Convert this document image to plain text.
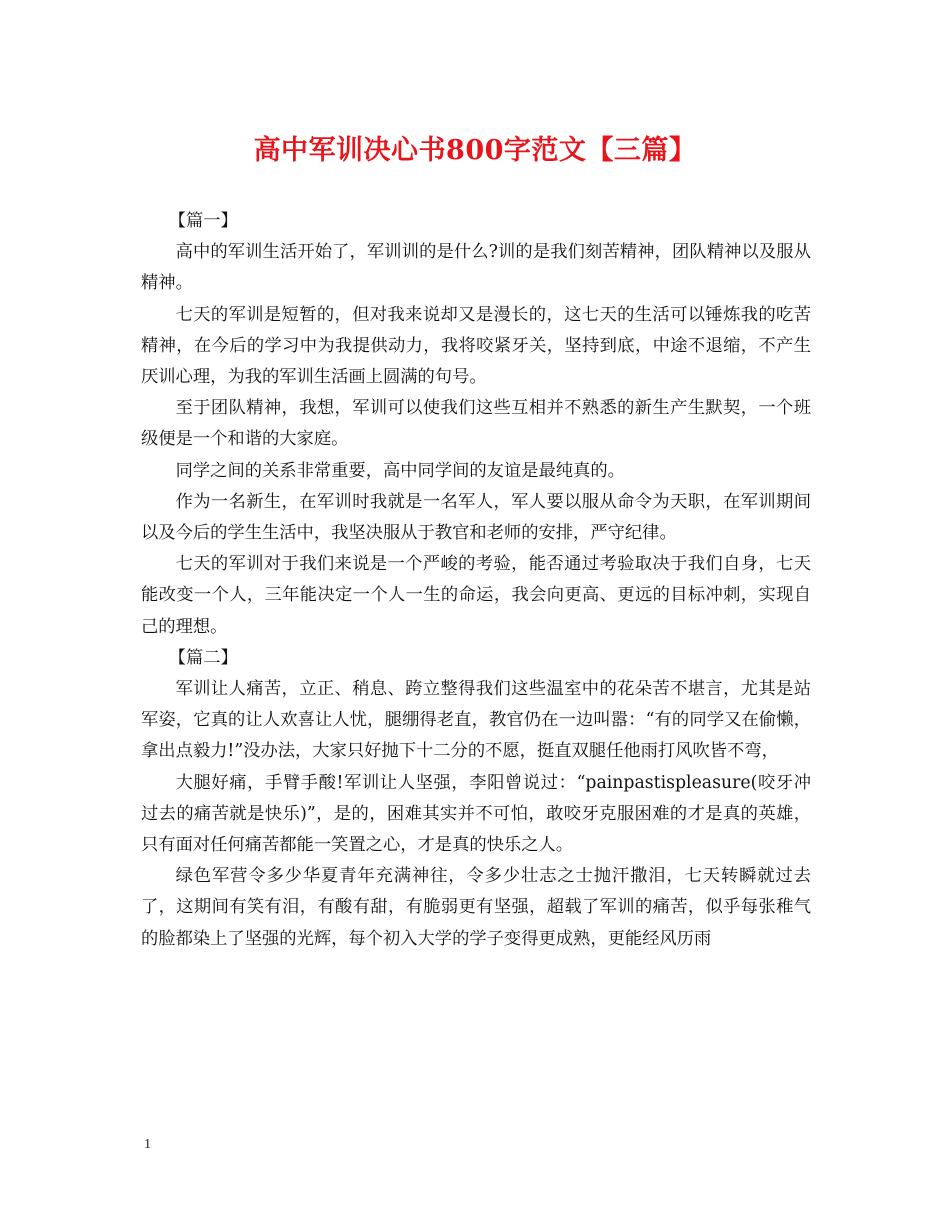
高中军训决心书800字范文【三篇】

【篇一】

高中的军训生活开始了，军训训的是什么?训的是我们刻苦精神，团队精神以及服从精神。

七天的军训是短暂的，但对我来说却又是漫长的，这七天的生活可以锤炼我的吃苦精神，在今后的学习中为我提供动力，我将咬紧牙关，坚持到底，中途不退缩，不产生厌训心理，为我的军训生活画上圆满的句号。

至于团队精神，我想，军训可以使我们这些互相并不熟悉的新生产生默契，一个班级便是一个和谐的大家庭。

同学之间的关系非常重要，高中同学间的友谊是最纯真的。

作为一名新生，在军训时我就是一名军人，军人要以服从命令为天职，在军训期间以及今后的学生生活中，我坚决服从于教官和老师的安排，严守纪律。

七天的军训对于我们来说是一个严峻的考验，能否通过考验取决于我们自身，七天能改变一个人，三年能决定一个人一生的命运，我会向更高、更远的目标冲刺，实现自己的理想。

【篇二】

军训让人痛苦，立正、稍息、跨立整得我们这些温室中的花朵苦不堪言，尤其是站军姿，它真的让人欢喜让人忧，腿绷得老直，教官仍在一边叫嚣：“有的同学又在偷懒，拿出点毅力!”没办法，大家只好抛下十二分的不愿，挺直双腿任他雨打风吹皆不弯，

大腿好痛，手臂手酸!军训让人坚强，李阳曾说过：“painpastispleasure(咬牙冲过去的痛苦就是快乐)”，是的，困难其实并不可怕，敢咬牙克服困难的才是真的英雄，只有面对任何痛苦都能一笑置之心，才是真的快乐之人。

绿色军营令多少华夏青年充满神往，令多少壮志之士抛汗撒泪，七天转瞬就过去了，这期间有笑有泪，有酸有甜，有脆弱更有坚强，超载了军训的痛苦，似乎每张稚气的脸都染上了坚强的光辉，每个初入大学的学子变得更成熟，更能经风历雨

1
